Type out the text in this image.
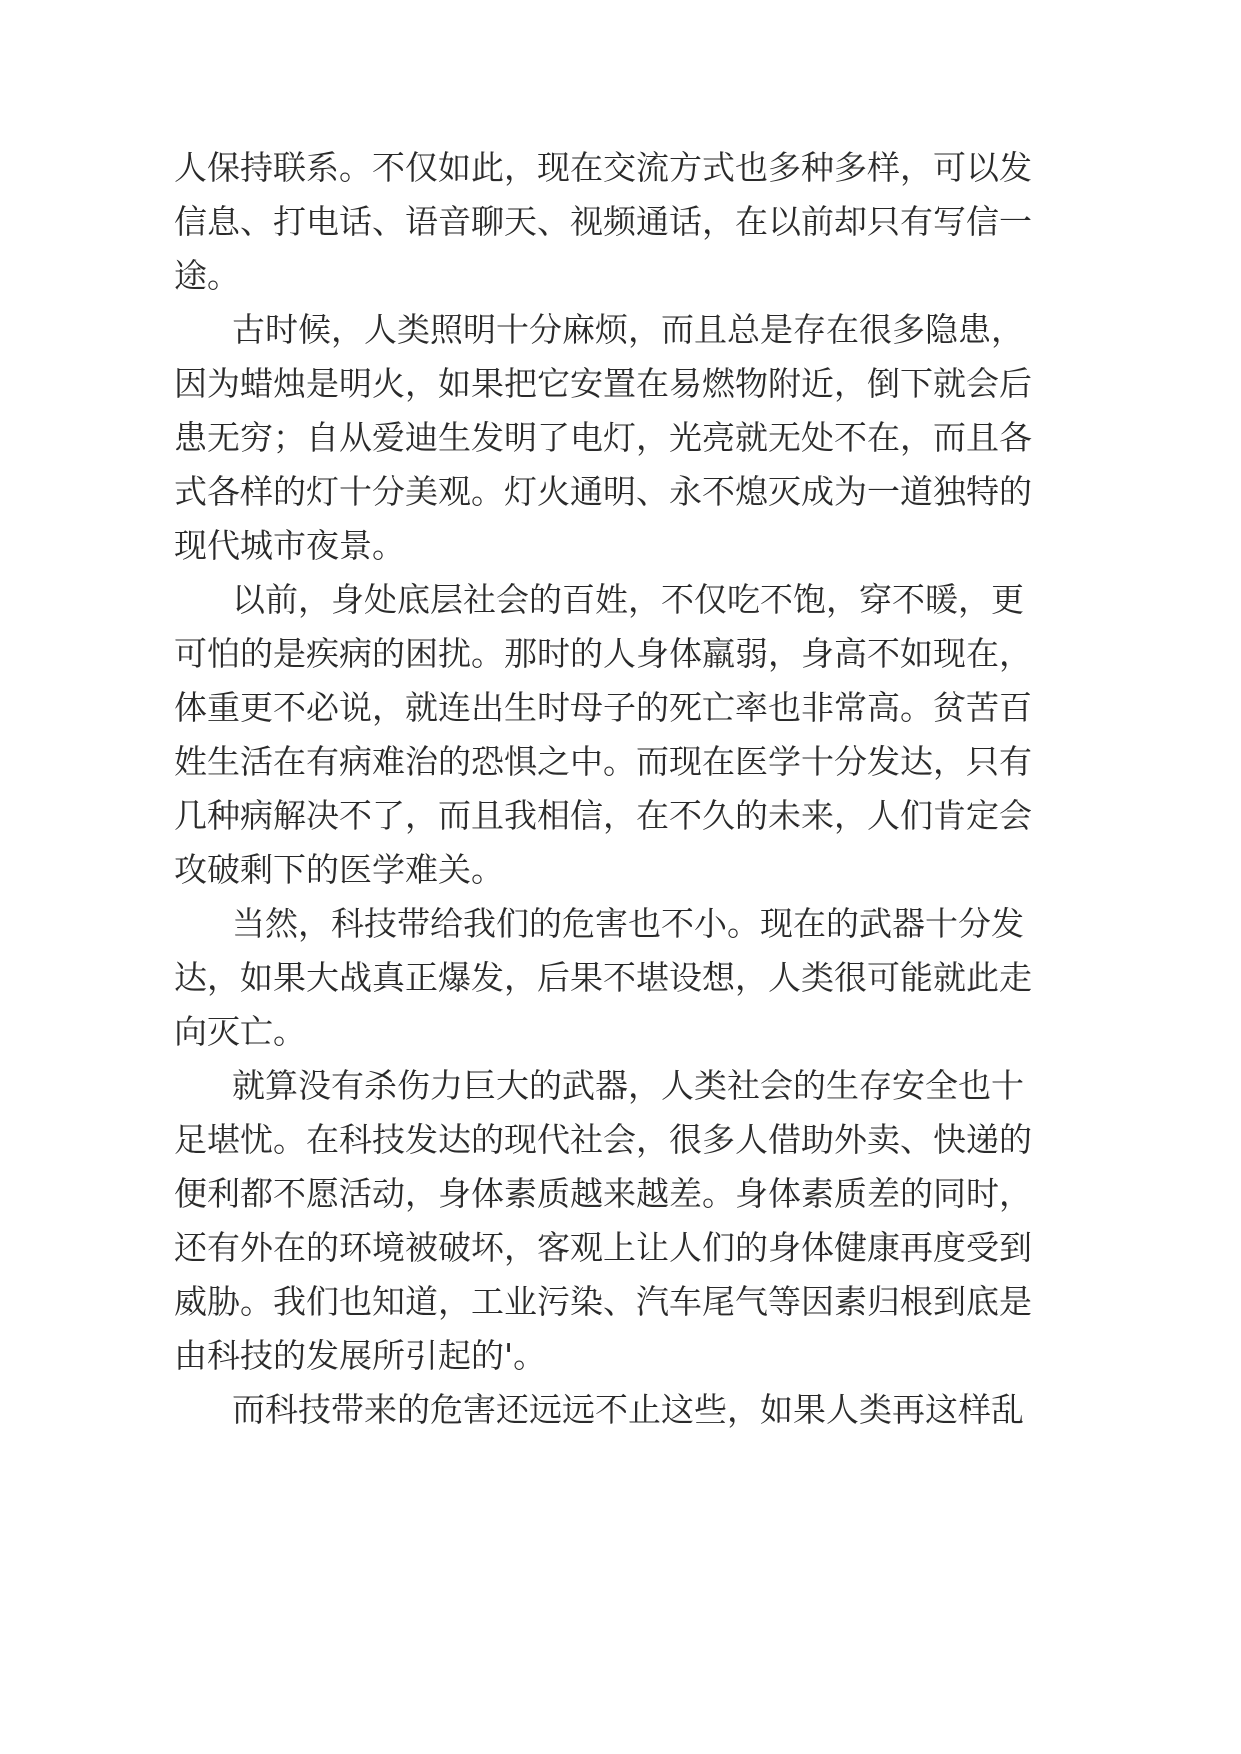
人保持联系。不仅如此，现在交流方式也多种多样，可以发
信息、打电话、语音聊天、视频通话，在以前却只有写信一
途。
古时候，人类照明十分麻烦，而且总是存在很多隐患，
因为蜡烛是明火，如果把它安置在易燃物附近，倒下就会后
患无穷；自从爱迪生发明了电灯，光亮就无处不在，而且各
式各样的灯十分美观。灯火通明、永不熄灭成为一道独特的
现代城市夜景。
以前，身处底层社会的百姓，不仅吃不饱，穿不暖，更
可怕的是疾病的困扰。那时的人身体羸弱，身高不如现在，
体重更不必说，就连出生时母子的死亡率也非常高。贫苦百
姓生活在有病难治的恐惧之中。而现在医学十分发达，只有
几种病解决不了，而且我相信，在不久的未来，人们肯定会
攻破剩下的医学难关。
当然，科技带给我们的危害也不小。现在的武器十分发
达，如果大战真正爆发，后果不堪设想，人类很可能就此走
向灭亡。
就算没有杀伤力巨大的武器，人类社会的生存安全也十
足堪忧。在科技发达的现代社会，很多人借助外卖、快递的
便利都不愿活动，身体素质越来越差。身体素质差的同时，
还有外在的环境被破坏，客观上让人们的身体健康再度受到
威胁。我们也知道，工业污染、汽车尾气等因素归根到底是
由科技的发展所引起的'。
而科技带来的危害还远远不止这些，如果人类再这样乱
